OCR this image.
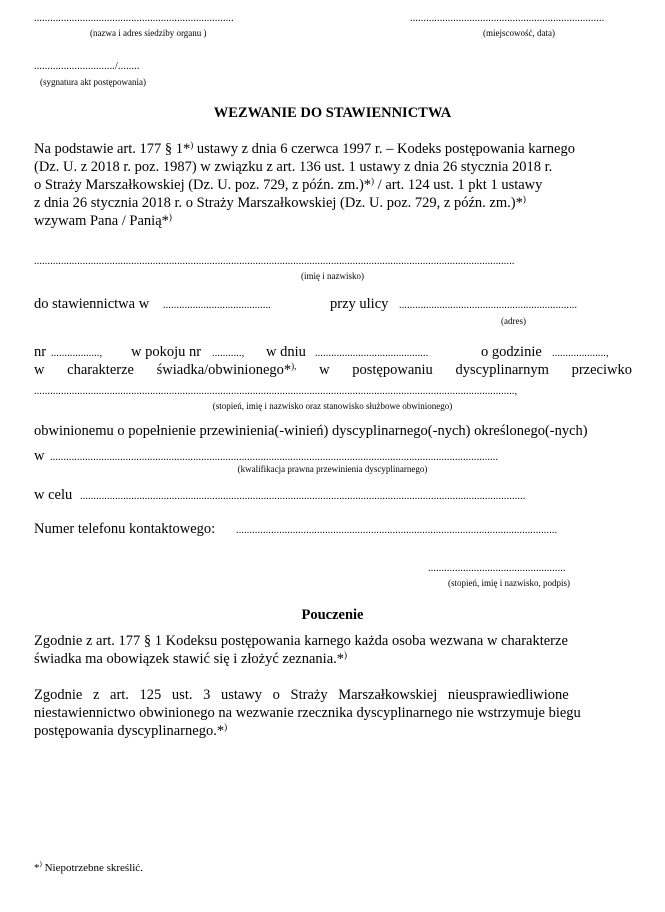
..........................................................................
(nazwa i adres siedziby organu )
........................................................................
(miejscowość, data)
............................../........
(sygnatura akt postępowania)
WEZWANIE DO STAWIENNICTWA
Na podstawie art. 177 § 1*) ustawy z dnia 6 czerwca 1997 r. – Kodeks postępowania karnego
(Dz. U. z 2018 r. poz. 1987) w związku z art. 136 ust. 1 ustawy z dnia 26 stycznia 2018 r.
o Straży Marszałkowskiej (Dz. U. poz. 729, z późn. zm.)*) / art. 124 ust. 1 pkt 1 ustawy
z dnia 26 stycznia 2018 r. o Straży Marszałkowskiej (Dz. U. poz. 729, z późn. zm.)*)
wzywam Pana / Panią*)
..................................................................................................................................................................................
(imię i nazwisko)
do stawiennictwa w ........................................	przy ulicy ..................................................................
(adres)
nr .................., w pokoju nr ..........., w dniu ..........................................	o godzinie ....................,
w charakterze świadka/obwinionego*), w postępowaniu dyscyplinarnym przeciwko
..................................................................................................................................................................................,
(stopień, imię i nazwisko oraz stanowisko służbowe obwinionego)
obwinionemu o popełnienie przewinienia(-winień) dyscyplinarnego(-nych) określonego(-nych)
w ......................................................................................................................................................................
(kwalifikacja prawna przewinienia dyscyplinarnego)
w celu .....................................................................................................................................................................
Numer telefonu kontaktowego: .......................................................................................................................
...................................................
(stopień, imię i nazwisko, podpis)
Pouczenie
Zgodnie z art. 177 § 1 Kodeksu postępowania karnego każda osoba wezwana w charakterze
świadka ma obowiązek stawić się i złożyć zeznania.*)
Zgodnie z art. 125 ust. 3 ustawy o Straży Marszałkowskiej nieusprawiedliwione
niestawiennictwo obwinionego na wezwanie rzecznika dyscyplinarnego nie wstrzymuje biegu
postępowania dyscyplinarnego.*)
*) Niepotrzebne skreślić.
